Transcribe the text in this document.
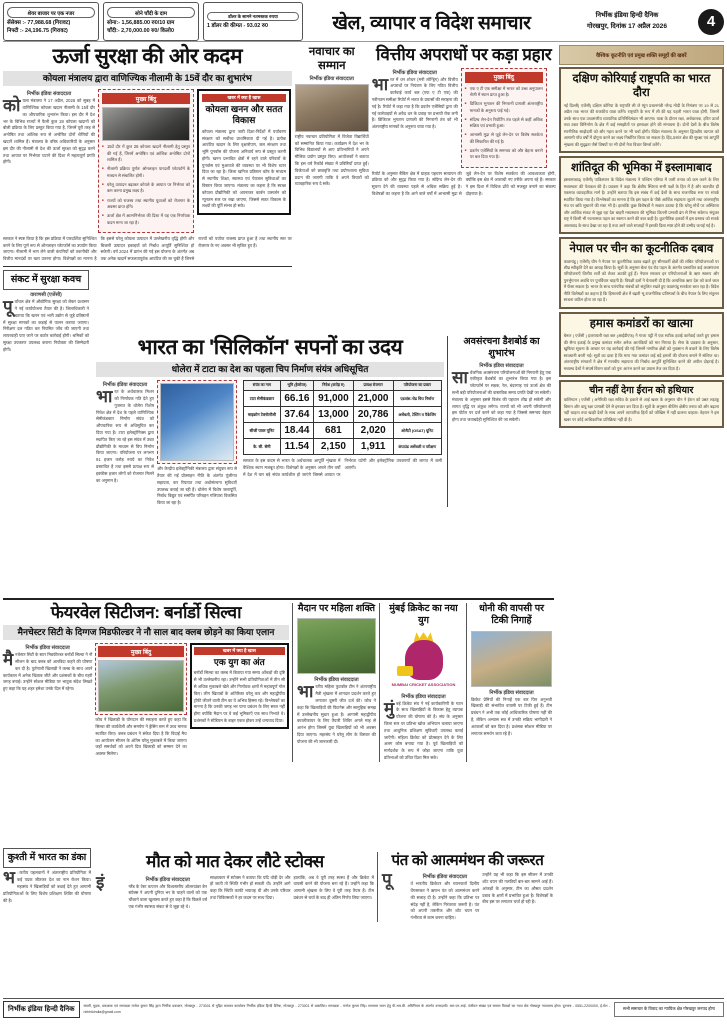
शेयर बाजार पर एक नजर
सेंसेक्स :- 77,988.68 (गिरावट)
निफ्टी :- 24,196.75 (गिरावट)
सोने चाँदी के दाम
सोना:- 1,56,885.00 रु0/10 ग्राम
चाँदी:- 2,70,000.00 रु0/ किलो0
डॉलर के सामने नतमस्तक रुपया
1 डॉलर की कीमत - 93.02 रु0	खेल, व्यापार व विदेश समाचार	निर्भीक इंडिया हिन्दी दैनिक
गोरखपुर, दिनांक 17 अप्रैल 2026	4
ऊर्जा सुरक्षा की ओर कदम
कोयला मंत्रालय द्वारा वाणिज्यिक नीलामी के 15वें दौर का शुभारंभ
निर्भीक इंडिया संवाददाता
कोयला मंत्रालय ने 17 अप्रैल, 2026 को सुबह में वाणिज्यिक कोयला खदान नीलामी के 15वें दौर का औपचारिक शुभारंभ किया। इस दौर में देश भर के विभिन्न राज्यों में फैली कुल 28 कोयला खदानों को बोली प्रक्रिया के लिए प्रस्तुत किया गया है, जिनमें पूरी तरह से अन्वेषित तथा आंशिक रूप से अन्वेषित दोनों श्रेणियों की खदानें शामिल हैं। मंत्रालय के वरिष्ठ अधिकारियों के अनुसार इस दौर की नीलामी से देश की ऊर्जा सुरक्षा को सुदृढ़ करने तथा आयात पर निर्भरता घटाने की दिशा में महत्वपूर्ण प्रगति होगी।
मुख्य बिंदु
■ 15वें दौर में कुल 28 कोयला खदानें नीलामी हेतु प्रस्तुत की गई हैं, जिनमें अन्वेषित एवं आंशिक अन्वेषित दोनों शामिल हैं।
■ नीलामी प्रक्रिया पूर्णतः ऑनलाइन पारदर्शी प्लेटफॉर्म के माध्यम से संचालित होगी।
■ घरेलू उत्पादन बढ़ाकर कोयले के आयात पर निर्भरता को कम करना प्रमुख लक्ष्य है।
■ राज्यों को राजस्व तथा स्थानीय युवाओं को रोजगार के अवसर प्राप्त होंगे।
■ ऊर्जा क्षेत्र में आत्मनिर्भरता की दिशा में यह एक निर्णायक कदम माना जा रहा है।
खबर में क्या है खास
कोयला खनन और सतत विकास
कोयला मंत्रालय द्वारा जारी दिशा-निर्देशों में पर्यावरण संरक्षण को सर्वोच्च प्राथमिकता दी गई है। प्रत्येक आवंटित खदान के लिए वृक्षारोपण, जल संरक्षण तथा भूमि पुनर्वास की योजना अनिवार्य रूप से प्रस्तुत करनी होगी। खनन प्रभावित क्षेत्रों में रहने वाले परिवारों के पुनर्वास एवं मुआवजे की व्यवस्था पर भी विशेष ध्यान दिया जा रहा है। जिला खनिज प्रतिष्ठान कोष के माध्यम से स्थानीय शिक्षा, स्वास्थ्य एवं पेयजल सुविधाओं का विस्तार किया जाएगा। मंत्रालय का कहना है कि स्वच्छ कोयला प्रौद्योगिकी को अपनाकर कार्बन उत्सर्जन को न्यूनतम स्तर पर रखा जाएगा, जिससे सतत विकास के लक्ष्यों की पूर्ति संभव हो सके।
सरकार ने स्पष्ट किया है कि इस प्रक्रिया में पारदर्शिता सुनिश्चित करने के लिए पूर्ण रूप से ऑनलाइन प्लेटफॉर्म का उपयोग किया जाएगा। नीलामी में भाग लेने वाली कंपनियों को तकनीकी और वित्तीय मानदंडों पर खरा उतरना होगा। विशेषज्ञों का मानना है कि इससे घरेलू कोयला उत्पादन में उल्लेखनीय वृद्धि होगी और बिजली उत्पादन इकाइयों को निर्बाध आपूर्ति सुनिश्चित हो सकेगी। वर्ष 2024 में प्रारंभ की गई इस योजना के अंतर्गत अब तक अनेक खदानें सफलतापूर्वक आवंटित की जा चुकी हैं जिनसे राज्यों को पर्याप्त राजस्व प्राप्त हुआ है तथा स्थानीय स्तर पर रोजगार के नए अवसर भी सृजित हुए हैं।
संकट में सुरक्षा कवच
वाराणसी (एजेंसी)
पूर्वांचल क्षेत्र में औद्योगिक सुरक्षा को लेकर प्रशासन ने नई कार्ययोजना तैयार की है। जिलाधिकारी ने बताया कि खनन एवं भारी उद्योग से जुड़े प्रतिष्ठानों में सुरक्षा मानकों का कड़ाई से पालन कराया जाएगा। निरीक्षण दल गठित कर नियमित जाँच की जाएगी तथा लापरवाही पाए जाने पर कठोर कार्रवाई होगी। श्रमिकों को सुरक्षा उपकरण उपलब्ध कराना नियोक्ता की जिम्मेदारी होगी।
नवाचार का सम्मान
निर्भीक इंडिया संवाददाता
राष्ट्रीय नवाचार प्रतियोगिता में विजेता विद्यार्थियों को सम्मानित किया गया। कार्यक्रम में देश भर के विभिन्न विद्यालयों से आए प्रतिभागियों ने अपने मौलिक प्रयोग प्रस्तुत किए। आयोजकों ने बताया कि इस वर्ष रिकॉर्ड संख्या में प्रविष्टियाँ प्राप्त हुईं। विजेताओं को छात्रवृत्ति तथा प्रयोगशाला सुविधा प्रदान की जाएगी ताकि वे अपने विचारों को व्यावहारिक रूप दे सकें।
वित्तीय अपराधों पर कड़ा प्रहार
निर्भीक इंडिया संवाददाता
भारत में धन शोधन (मनी लॉन्ड्रिंग) और वित्तीय अपराधों पर नियंत्रण के लिए गठित वित्तीय कार्रवाई कार्य बल (एफ ए टी एफ) की नवीनतम समीक्षा रिपोर्ट में भारत के प्रयासों की सराहना की गई है। रिपोर्ट में कहा गया है कि प्रवर्तन एजेंसियों द्वारा की गई कार्रवाइयों से अवैध धन के प्रवाह पर प्रभावी रोक लगी है। डिजिटल भुगतान प्रणाली की निगरानी तंत्र को भी अंतरराष्ट्रीय मानकों के अनुरूप पाया गया है।
मुख्य बिंदु
■ एफ ए टी एफ समीक्षा में भारत को उच्च अनुपालन श्रेणी में स्थान प्राप्त हुआ है।
■ डिजिटल भुगतान की निगरानी प्रणाली अंतरराष्ट्रीय मानकों के अनुरूप पाई गई।
■ संदिग्ध लेन-देन रिपोर्टिंग तंत्र पहले से कहीं अधिक सक्रिय एवं प्रभावी हुआ।
■ आभासी मुद्रा से जुड़े लेन-देन पर विशेष सतर्कता की सिफारिश की गई है।
■ प्रवर्तन एजेंसियों के समन्वय को और बेहतर बनाने पर बल दिया गया है।
रिपोर्ट के अनुसार बैंकिंग क्षेत्र में ग्राहक पहचान सत्यापन की प्रक्रिया को और सुदृढ़ किया गया है। संदिग्ध लेन-देन की सूचना देने की व्यवस्था पहले से अधिक सक्रिय हुई है। विशेषज्ञों का कहना है कि आने वाले वर्षों में आभासी मुद्रा से जुड़े लेन-देन पर विशेष सतर्कता की आवश्यकता होगी, क्योंकि इस क्षेत्र में अपराधी नए तरीके अपना रहे हैं। सरकार ने इस दिशा में विधिक ढाँचे को मजबूत बनाने का संकल्प दोहराया है।
वैश्विक कूटनीति एवं प्रमुख शक्ति समूहों की खबरें
दक्षिण कोरियाई राष्ट्रपति का भारत दौरा
नई दिल्ली| एजेंसी| दक्षिण कोरिया के राष्ट्रपति ली जे म्युंग प्रधानमंत्री नरेन्द्र मोदी के निमंत्रण पर 19 से 21 अप्रैल तक भारत की राजकीय यात्रा करेंगे। राष्ट्रपति के रूप में ली की यह पहली भारत यात्रा होगी, जिसमें उनके साथ एक उच्चस्तरीय व्यापारिक प्रतिनिधिमंडल भी आएगा। यात्रा के दौरान रक्षा, अर्धचालक, हरित ऊर्जा तथा उन्नत विनिर्माण के क्षेत्र में कई समझौतों पर हस्ताक्षर होने की संभावना है। दोनों देशों के बीच विशेष रणनीतिक साझेदारी को और गहरा करने पर भी चर्चा होगी। विदेश मंत्रालय के अनुसार द्विपक्षीय व्यापार को आगामी पाँच वर्षों में दोगुना करने का लक्ष्य निर्धारित किया जा सकता है। हिंद-प्रशांत क्षेत्र की सुरक्षा एवं आपूर्ति शृंखला की सुदृढ़ता जैसे विषयों पर भी दोनों नेता विचार विमर्श करेंगे।
शांतिदूत की भूमिका में इस्लामाबाद
इस्लामाबाद| एजेंसी| पाकिस्तान के विदेश मंत्रालय ने पश्चिम एशिया में जारी तनाव को कम करने के लिए मध्यस्थता की पेशकश की है। प्रवक्ता ने कहा कि क्षेत्रीय स्थिरता सभी पक्षों के हित में है और बातचीत ही एकमात्र व्यावहारिक मार्ग है। उन्होंने बताया कि इस संबंध में कई देशों के साथ राजनयिक स्तर पर संपर्क स्थापित किया गया है। विश्लेषकों का मानना है कि इस पहल के पीछे आर्थिक सहायता जुटाने तथा अंतरराष्ट्रीय मंच पर छवि सुधारने की मंशा भी है। हालांकि कुछ विशेषज्ञों ने सवाल उठाया है कि घरेलू मोर्चे पर अस्थिरता और आर्थिक संकट से जूझ रहा देश बाहरी मध्यस्थता की भूमिका कितनी प्रभावी ढंग से निभा सकेगा। संयुक्त राष्ट्र ने किसी भी रचनात्मक पहल का स्वागत करने की बात कही है। कूटनीतिक हलकों में इस प्रस्ताव को सतर्क आशावाद के साथ देखा जा रहा है तथा आने वाले सप्ताहों में इसकी दिशा स्पष्ट होने की उम्मीद जताई गई है।
नेपाल पर चीन का कूटनीतिक दबाव
काठमांडू | एजेंसी| चीन ने नेपाल पर कूटनीतिक दबाव बढ़ाते हुए सीमावर्ती क्षेत्रों की लंबित परियोजनाओं पर शीघ्र स्वीकृति देने का आग्रह किया है। सूत्रों के अनुसार बेल्ट एंड रोड पहल के अंतर्गत प्रस्तावित कई अवसंरचना परियोजनाएँ वित्तीय शर्तों को लेकर अटकी हुई हैं। नेपाल सरकार इन परियोजनाओं के ऋण स्वरूप और पुनर्भुगतान अवधि पर पुनर्विचार चाहती है। विपक्षी दलों ने चेतावनी दी है कि अत्यधिक ऋण देश को कर्ज जाल में फँसा सकता है। भारत के साथ पारंपरिक संबंधों को संतुलित रखते हुए काठमांडू सतर्कता बरत रहा है। विदेश नीति विशेषज्ञों का कहना है कि हिमालयी क्षेत्र में बढ़ती भू-राजनीतिक प्रतिस्पर्धा के बीच नेपाल के लिए संतुलन साधना कठिन होता जा रहा है।
हमास कमांडरों का खात्मा
बेरूत | एजेंसी | इजरायली रक्षा बल (आईडीएफ) ने गाजा पट्टी में एक सटीक हवाई कार्रवाई करते हुए हमास की सैन्य इकाई के प्रमुख कमांडर समेत अनेक आतंकियों को मार गिराया है। सेना के प्रवक्ता के अनुसार, खुफिया सूचना के आधार पर यह कार्रवाई की गई जिसमें नागरिक क्षेत्रों को नुकसान से बचाने के लिए विशेष सावधानी बरती गई। सूत्रों का दावा है कि मारा गया कमांडर कई बड़े हमलों की योजना बनाने में संलिप्त था। अंतरराष्ट्रीय संगठनों ने क्षेत्र में मानवीय सहायता की निर्बाध आपूर्ति सुनिश्चित करने की अपील दोहराई है। मध्यस्थ देशों ने संघर्ष विराम वार्ता को पुनः आरंभ करने का प्रयास तेज कर दिया है।
चीन नहीं देगा ईरान को हथियार
वाशिंगटन | एजेंसी | अमेरिकी रक्षा सचिव के हवाले से आई खबर के अनुसार चीन ने ईरान को उन्नत लड़ाकू विमान और वायु रक्षा प्रणाली देने से इनकार कर दिया है। सूत्रों के अनुसार बीजिंग क्षेत्रीय तनाव को और बढ़ाना नहीं चाहता तथा खाड़ी देशों के साथ अपने व्यापारिक हितों को जोखिम में नहीं डालना चाहता। तेहरान ने इस खबर पर कोई आधिकारिक प्रतिक्रिया नहीं दी है।
भारत का 'सिलिकॉन' सपनों का उदय
धोलेरा में टाटा का देश का पहला चिप निर्माण संयंत्र अधिसूचित
निर्भीक इंडिया संवाददाता
भारत के अर्धचालक मिशन को निर्णायक गति देते हुए गुजरात के धोलेरा विशेष निवेश क्षेत्र में देश के पहले वाणिज्यिक सेमीकंडक्टर निर्माण संयंत्र को औपचारिक रूप से अधिसूचित कर दिया गया है। टाटा इलेक्ट्रॉनिक्स द्वारा स्थापित किए जा रहे इस संयंत्र में उन्नत प्रौद्योगिकी के माध्यम से चिप निर्माण किया जाएगा। परियोजना पर लगभग 91 हजार करोड़ रुपये का निवेश प्रस्तावित है तथा इससे प्रत्यक्ष रूप से इक्कीस हजार लोगों को रोजगार मिलने का अनुमान है।
और केन्द्रीय इलेक्ट्रॉनिकी मंत्रालय द्वारा संयुक्त रूप से तैयार की गई प्रोत्साहन नीति के अंतर्गत पूंजीगत सहायता, कर रियायत तथा अधोसंरचना सुविधाएँ उपलब्ध कराई जा रही हैं। धोलेरा में विशेष जलापूर्ति, निर्बाध विद्युत एवं समर्पित परिवहन गलियारा विकसित किया जा रहा है।
संयंत्र का नाम	भूमि (हेक्टेयर)	निवेश (करोड़ रु)	प्रत्यक्ष रोजगार	परियोजना का प्रकार
टाटा सेमीकंडक्टर	66.16	91,000	21,000	एडवांस-नोड चिप निर्माण
माइक्रोन टेक्नोलॉजी	37.64	13,000	20,786	असेंबली, टेस्टिंग व पैकेजिंग
सीजी पावर यूनिट	18.44	681	2,020	ओसैटी (OSAT) यूनिट
के. सी. सेमी	11.54	2,150	1,911	कंपाउंड असेंबली व परीक्षण
सरकार के इस कदम से भारत के अर्धचालक आपूर्ति शृंखला में वैश्विक स्थान मजबूत होगा। विशेषज्ञों के अनुसार अगले तीन वर्षों में देश में चार बड़े संयंत्र कार्यशील हो जाएंगे जिससे आयात पर निर्भरता घटेगी और इलेक्ट्रॉनिक उपकरणों की लागत में कमी आएगी।
अवसंरचना डैशबोर्ड का शुभारंभ
निर्भीक इंडिया संवाददाता
सार्वजनिक अवसंरचना परियोजनाओं की निगरानी हेतु एक एकीकृत डैशबोर्ड का शुभारंभ किया गया है। इस प्लेटफॉर्म पर सड़क, रेल, बंदरगाह एवं ऊर्जा क्षेत्र की सभी बड़ी परियोजनाओं की वास्तविक समय प्रगति देखी जा सकेगी। मंत्रालय के अनुसार इससे विलंब की पहचान शीघ्र हो सकेगी और लागत वृद्धि पर अंकुश लगेगा। राज्यों को भी अपनी परियोजनाएँ इस पोर्टल पर दर्ज करने को कहा गया है जिससे समन्वय बेहतर होगा तथा जवाबदेही सुनिश्चित की जा सकेगी।
फेयरवेल सिटीजन: बर्नार्डो सिल्वा
मैनचेस्टर सिटी के दिग्गज मिडफील्डर ने नौ साल बाद क्लब छोड़ने का किया एलान
निर्भीक इंडिया संवाददाता
मैनचेस्टर सिटी के स्टार मिडफील्डर बर्नार्डो सिल्वा ने नौ सीजन के बाद क्लब को अलविदा कहने की घोषणा कर दी है। पुर्तगाली खिलाड़ी ने क्लब के साथ अपने कार्यकाल में अनेक खिताब जीते और प्रशंसकों के बीच गहरी जगह बनाई। उन्होंने सोशल मीडिया पर भावुक संदेश लिखते हुए कहा कि यह शहर हमेशा उनके दिल में रहेगा।
मुख्य बिंदु
कोच ने खिलाड़ी के योगदान की सराहना करते हुए कहा कि सिल्वा की कार्यशैली और समर्पण ने ड्रेसिंग रूम में उच्च मानक स्थापित किए। क्लब प्रबंधन ने संकेत दिया है कि विदाई मैच का आयोजन सीजन के अंतिम घरेलू मुकाबले में किया जाएगा जहाँ समर्थकों को अपने प्रिय खिलाड़ी को सम्मान देने का अवसर मिलेगा।
खबर में क्या है खास
एक युग का अंत
बर्नार्डो सिल्वा का क्लब में बिताया गया समय आँकड़ों की दृष्टि से भी उल्लेखनीय रहा। उन्होंने सभी प्रतियोगिताओं में तीन सौ से अधिक मुकाबले खेले और निर्णायक क्षणों में महत्वपूर्ण गोल किए। लीग खिताबों के अतिरिक्त घरेलू कप और महाद्वीपीय ट्रॉफी जीतने वाली टीम का वे अभिन्न हिस्सा रहे। विश्लेषकों का मानना है कि उनकी जगह भर पाना प्रबंधन के लिए सरल नहीं होगा क्योंकि मैदान पर वे कई भूमिकाएँ एक साथ निभाते थे। प्रशंसकों ने स्टेडियम के बाहर एकत्र होकर उन्हें धन्यवाद दिया।
मैदान पर महिला शक्ति
निर्भीक इंडिया संवाददाता
भारतीय महिला फुटबॉल टीम ने अंतरराष्ट्रीय मैत्री श्रृंखला में शानदार प्रदर्शन करते हुए लगातार दूसरी जीत दर्ज की। कोच ने कहा कि खिलाड़ियों की फिटनेस और सामूहिक समझ में उल्लेखनीय सुधार हुआ है। आगामी महाद्वीपीय क्वालीफायर के लिए तैयारी शिविर अगले माह से आरंभ होगा जिसमें युवा खिलाड़ियों को भी अवसर दिया जाएगा। महासंघ ने घरेलू लीग के विस्तार की योजना की भी जानकारी दी।
मुंबई क्रिकेट का नया युग
MUMBAI CRICKET ASSOCIATION
निर्भीक इंडिया संवाददाता
मुंबई क्रिकेट संघ ने नई कार्यकारिणी के गठन के साथ खिलाड़ियों के विकास हेतु व्यापक योजना की घोषणा की है। संघ के अनुसार जिला स्तर पर प्रतिभा खोज अभियान चलाया जाएगा तथा आधुनिक प्रशिक्षण सुविधाएँ उपलब्ध कराई जाएँगी। महिला क्रिकेट को प्रोत्साहन देने के लिए अलग कोष बनाया गया है। पूर्व खिलाड़ियों को मार्गदर्शक के रूप में जोड़ा जाएगा ताकि युवा प्रतिभाओं को उचित दिशा मिल सके।
धोनी की वापसी पर टिकी निगाहें
निर्भीक इंडिया संवाददाता
क्रिकेट प्रेमियों की निगाहें एक बार फिर अनुभवी खिलाड़ी की संभावित वापसी पर टिकी हुई हैं। टीम प्रबंधन ने अभी तक कोई आधिकारिक घोषणा नहीं की है, लेकिन अभ्यास सत्र में उनकी सक्रिय भागीदारी ने अटकलों को बल दिया है। प्रशंसक सोशल मीडिया पर लगातार समर्थन जता रहे हैं।
कुश्ती में भारत का डंका
भ ारतीय पहलवानों ने अंतरराष्ट्रीय प्रतियोगिता में कई पदक जीतकर देश का नाम रोशन किया। महासंघ ने खिलाड़ियों को बधाई देते हुए आगामी प्रतियोगिताओं के लिए विशेष प्रशिक्षण शिविर की घोषणा की है।
मौत को मात देकर लौटे स्टोक्स
इं	निर्भीक इंडिया संवाददाता
ग्लैंड के टेस्ट कप्तान और विश्वस्तरीय ऑलराउंडर बेन स्टोक्स ने अपनी दुनिया भर के चाहने वालों को एक चौंकाने वाला खुलासा करते हुए कहा है कि पिछले वर्ष एक गंभीर स्वास्थ्य संकट से वे जूझ रहे थे।
साक्षात्कार में स्टोक्स ने बताया कि यदि थोड़ी देर और हो जाती तो स्थिति गंभीर हो सकती थी। उन्होंने आगे कहा कि स्थिति काफी भयावह थी और उनके परिवार तथा चिकित्सकों ने हर कदम पर साथ दिया।
हालांकि, अब वे पूरी तरह स्वस्थ हैं और क्रिकेट में वापसी करने की योजना बना रहे हैं। उन्होंने कहा कि आगामी श्रृंखला के लिए वे पूरी तरह तैयार हैं। टीम प्रबंधन से चर्चा के बाद ही अंतिम निर्णय लिया जाएगा।
पंत को आत्ममंथन की जरूरत
पू	निर्भीक इंडिया संवाददाता
र्व भारतीय क्रिकेटर और चयनकर्ता दिलीप वेंगसरकर ने ऋषभ पंत को आत्ममंथन करने की सलाह दी है। उन्होंने कहा कि प्रतिभा पर संदेह नहीं है, लेकिन निरंतरता जरूरी है। पंत को अपनी तकनीक और शॉट चयन पर गंभीरता से काम करना चाहिए।
उन्होंने यह भी कहा कि इस सीजन में उनकी शॉट चयन की गलतियाँ बार-बार सामने आई हैं। आंकड़ों के अनुसार, टीम का औसत प्रदर्शन दबाव के क्षणों में प्रभावित हुआ है। विशेषज्ञों के बीच इस पर लगातार चर्चा हो रही है।
निर्भीक इंडिया हिन्दी दैनिक
स्वामी, मुद्रक, प्रकाशक एवं सम्पादक मनोज कुमार सिंह द्वारा निर्भीक प्रकाशन, गोरखपुर - 273001 से मुद्रित कराकर कार्यालय निर्भीक इंडिया हिन्दी दैनिक, गोरखपुर - 273001 से प्रकाशित। सम्पादक - मनोज कुमार सिंह। समाचार चयन हेतु पी.आर.बी. अधिनियम के अंतर्गत उत्तरदायी। आर.एन.आई. पंजीयन संख्या एवं समस्त विवादों का न्याय क्षेत्र गोरखपुर न्यायालय होगा। दूरभाष - 0551-2200000, ई-मेल - nirbhikindia@gmail.com
सभी समाचार के विवाद का न्यायिक क्षेत्र गोरखपुर जनपद होगा
